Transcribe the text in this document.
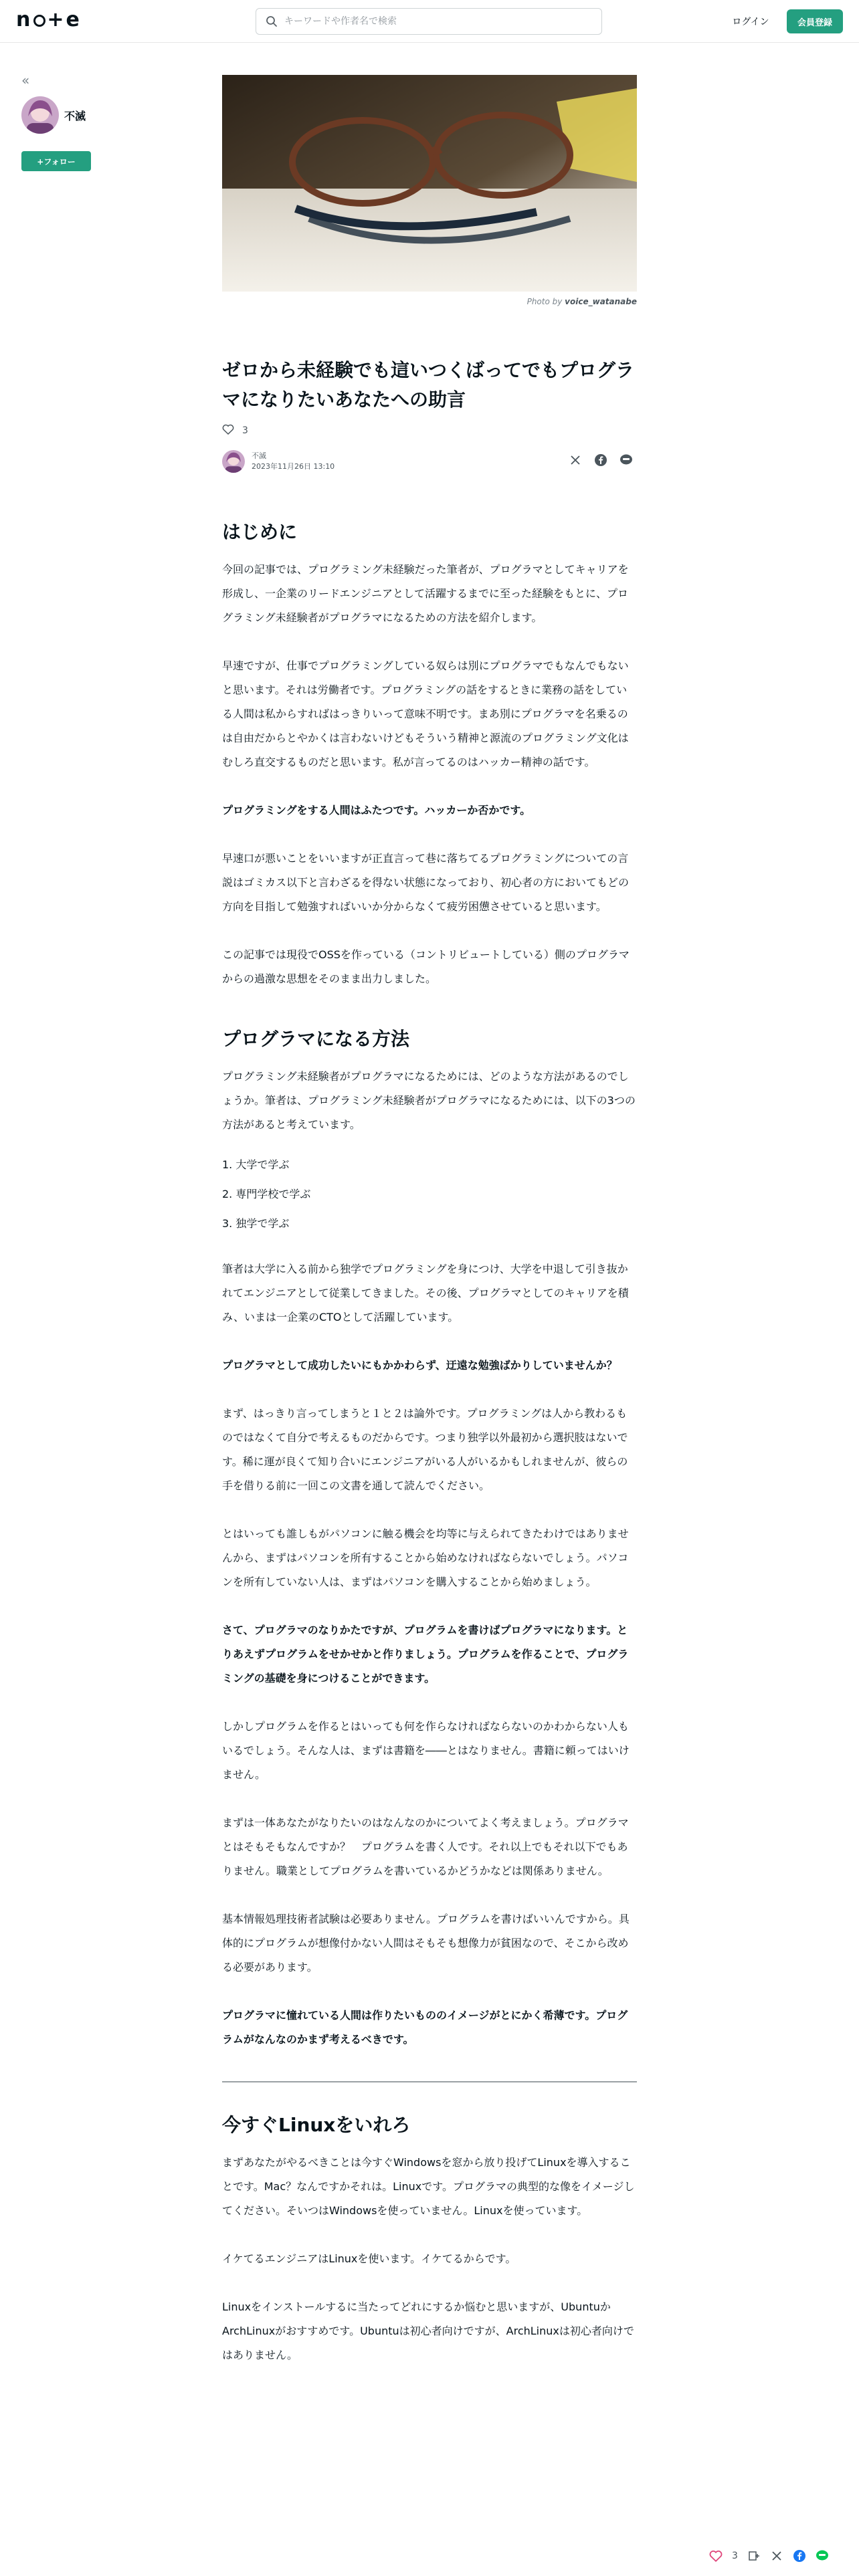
n +e
キーワードや作者名で検索	ログイン	会員登録
«
不滅
+フォロー
Photo by voice_watanabe
ゼロから未経験でも這いつくばってでもプログラマになりたいあなたへの助言
3
不滅
2023年11月26日 13:10
はじめに

今回の記事では、プログラミング未経験だった筆者が、プログラマとしてキャリアを形成し、一企業のリードエンジニアとして活躍するまでに至った経験をもとに、プログラミング未経験者がプログラマになるための方法を紹介します。

早速ですが、仕事でプログラミングしている奴らは別にプログラマでもなんでもないと思います。それは労働者です。プログラミングの話をするときに業務の話をしている人間は私からすればはっきりいって意味不明です。まあ別にプログラマを名乗るのは自由だからとやかくは言わないけどもそういう精神と源流のプログラミング文化はむしろ直交するものだと思います。私が言ってるのはハッカー精神の話です。

プログラミングをする人間はふたつです。ハッカーか否かです。

早速口が悪いことをいいますが正直言って巷に落ちてるプログラミングについての言説はゴミカス以下と言わざるを得ない状態になっており、初心者の方においてもどの方向を目指して勉強すればいいか分からなくて疲労困憊させていると思います。

この記事では現役でOSSを作っている（コントリビュートしている）側のプログラマからの過激な思想をそのまま出力しました。

プログラマになる方法

プログラミング未経験者がプログラマになるためには、どのような方法があるのでしょうか。筆者は、プログラミング未経験者がプログラマになるためには、以下の3つの方法があると考えています。

1. 大学で学ぶ
2. 専門学校で学ぶ
3. 独学で学ぶ

筆者は大学に入る前から独学でプログラミングを身につけ、大学を中退して引き抜かれてエンジニアとして従業してきました。その後、プログラマとしてのキャリアを積み、いまは一企業のCTOとして活躍しています。

プログラマとして成功したいにもかかわらず、迂遠な勉強ばかりしていませんか？

まず、はっきり言ってしまうと１と２は論外です。プログラミングは人から教わるものではなくて自分で考えるものだからです。つまり独学以外最初から選択肢はないです。稀に運が良くて知り合いにエンジニアがいる人がいるかもしれませんが、彼らの手を借りる前に一回この文書を通して読んでください。

とはいっても誰しもがパソコンに触る機会を均等に与えられてきたわけではありませんから、まずはパソコンを所有することから始めなければならないでしょう。パソコンを所有していない人は、まずはパソコンを購入することから始めましょう。

さて、プログラマのなりかたですが、プログラムを書けばプログラマになります。とりあえずプログラムをせかせかと作りましょう。プログラムを作ることで、プログラミングの基礎を身につけることができます。

しかしプログラムを作るとはいっても何を作らなければならないのかわからない人もいるでしょう。そんな人は、まずは書籍を――とはなりません。書籍に頼ってはいけません。

まずは一体あなたがなりたいのはなんなのかについてよく考えましょう。プログラマとはそもそもなんですか？　プログラムを書く人です。それ以上でもそれ以下でもありません。職業としてプログラムを書いているかどうかなどは関係ありません。

基本情報処理技術者試験は必要ありません。プログラムを書けばいいんですから。具体的にプログラムが想像付かない人間はそもそも想像力が貧困なので、そこから改める必要があります。

プログラマに憧れている人間は作りたいもののイメージがとにかく希薄です。プログラムがなんなのかまず考えるべきです。

今すぐLinuxをいれろ

まずあなたがやるべきことは今すぐWindowsを窓から放り投げてLinuxを導入することです。Mac？なんですかそれは。Linuxです。プログラマの典型的な像をイメージしてください。そいつはWindowsを使っていません。Linuxを使っています。

イケてるエンジニアはLinuxを使います。イケてるからです。

Linuxをインストールするに当たってどれにするか悩むと思いますが、UbuntuかArchLinuxがおすすめです。Ubuntuは初心者向けですが、ArchLinuxは初心者向けではありません。

3
